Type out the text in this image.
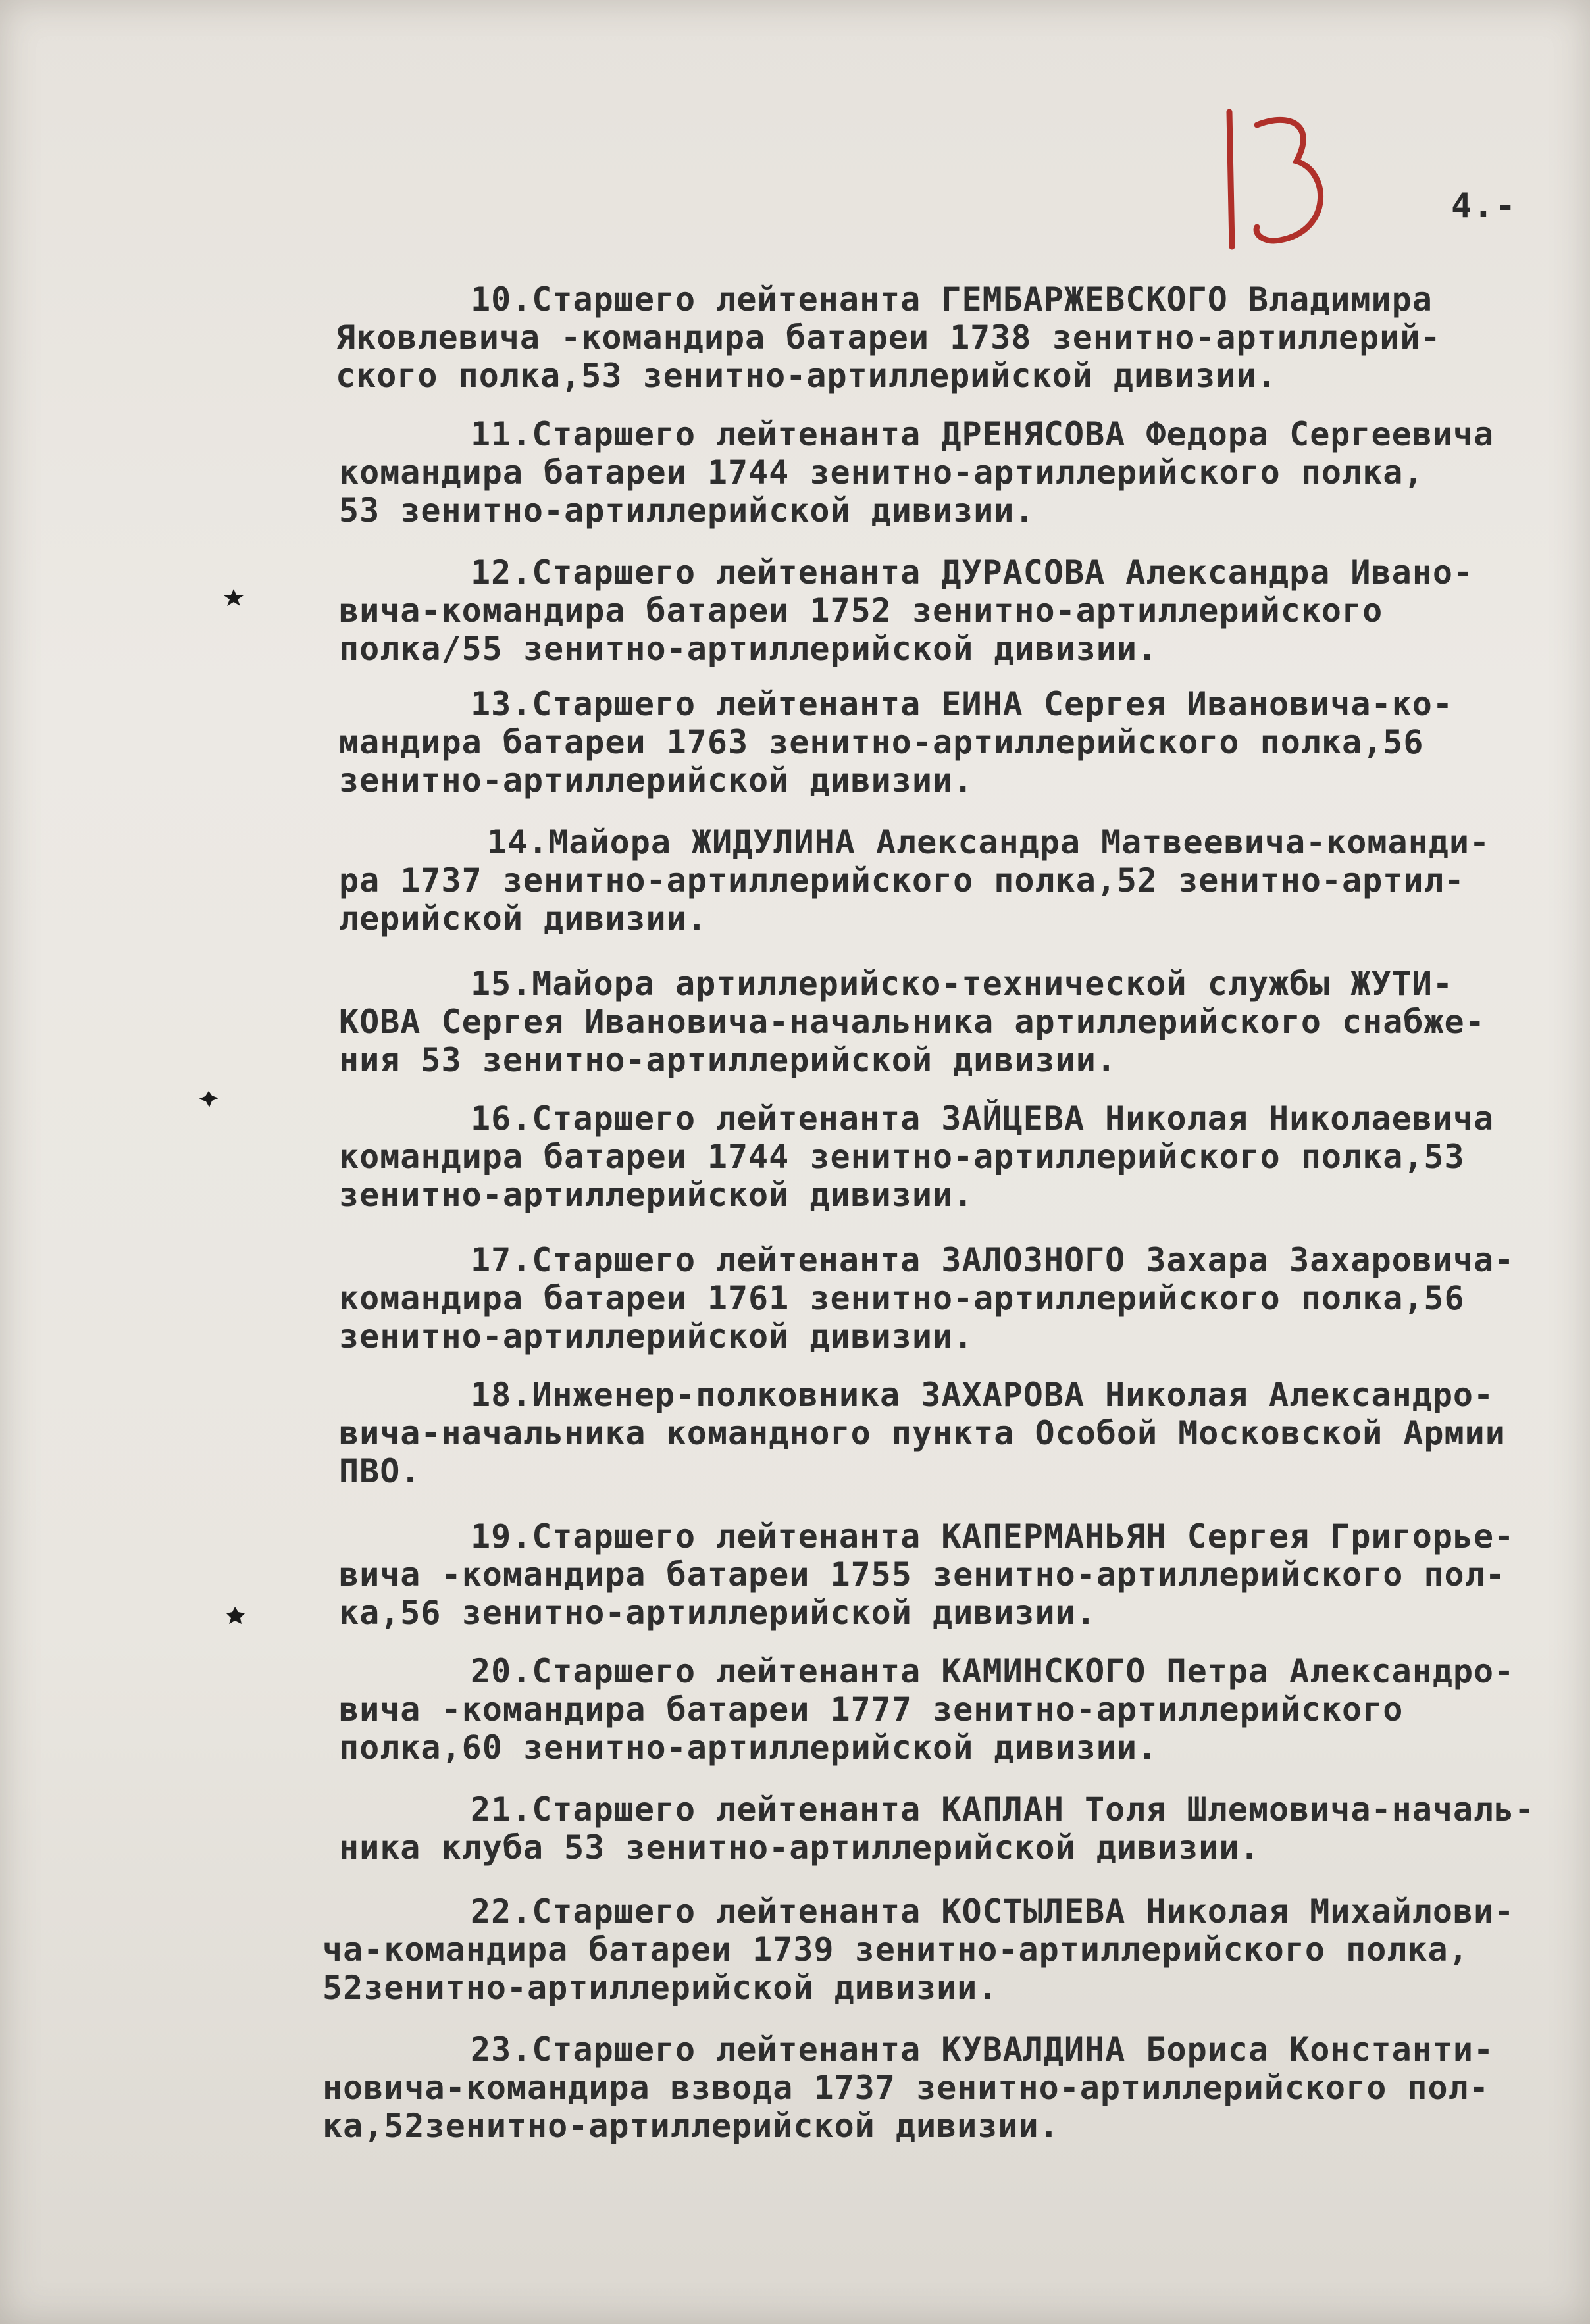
4.-
10.Старшего лейтенанта ГЕМБАРЖЕВСКОГО Владимира
Яковлевича -командира батареи 1738 зенитно-артиллерий-
ского полка,53 зенитно-артиллерийской дивизии.
11.Старшего лейтенанта ДРЕНЯСОВА Федора Сергеевича
командира батареи 1744 зенитно-артиллерийского полка,
53 зенитно-артиллерийской дивизии.
12.Старшего лейтенанта ДУРАСОВА Александра Ивано-
вича-командира батареи 1752 зенитно-артиллерийского
полка/55 зенитно-артиллерийской дивизии.
13.Старшего лейтенанта ЕИНА Сергея Ивановича-ко-
мандира батареи 1763 зенитно-артиллерийского полка,56
зенитно-артиллерийской дивизии.
14.Майора ЖИДУЛИНА Александра Матвеевича-команди-
ра 1737 зенитно-артиллерийского полка,52 зенитно-артил-
лерийской дивизии.
15.Майора артиллерийско-технической службы ЖУТИ-
КОВА Сергея Ивановича-начальника артиллерийского снабже-
ния 53 зенитно-артиллерийской дивизии.
16.Старшего лейтенанта ЗАЙЦЕВА Николая Николаевича
командира батареи 1744 зенитно-артиллерийского полка,53
зенитно-артиллерийской дивизии.
17.Старшего лейтенанта ЗАЛОЗНОГО Захара Захаровича-
командира батареи 1761 зенитно-артиллерийского полка,56
зенитно-артиллерийской дивизии.
18.Инженер-полковника ЗАХАРОВА Николая Александро-
вича-начальника командного пункта Особой Московской Армии
ПВО.
19.Старшего лейтенанта КАПЕРМАНЬЯН Сергея Григорье-
вича -командира батареи 1755 зенитно-артиллерийского пол-
ка,56 зенитно-артиллерийской дивизии.
20.Старшего лейтенанта КАМИНСКОГО Петра Александро-
вича -командира батареи 1777 зенитно-артиллерийского
полка,60 зенитно-артиллерийской дивизии.
21.Старшего лейтенанта КАПЛАН Толя Шлемовича-началь-
ника клуба 53 зенитно-артиллерийской дивизии.
22.Старшего лейтенанта КОСТЫЛЕВА Николая Михайлови-
ча-командира батареи 1739 зенитно-артиллерийского полка,
52зенитно-артиллерийской дивизии.
23.Старшего лейтенанта КУВАЛДИНА Бориса Константи-
новича-командира взвода 1737 зенитно-артиллерийского пол-
ка,52зенитно-артиллерийской дивизии.
